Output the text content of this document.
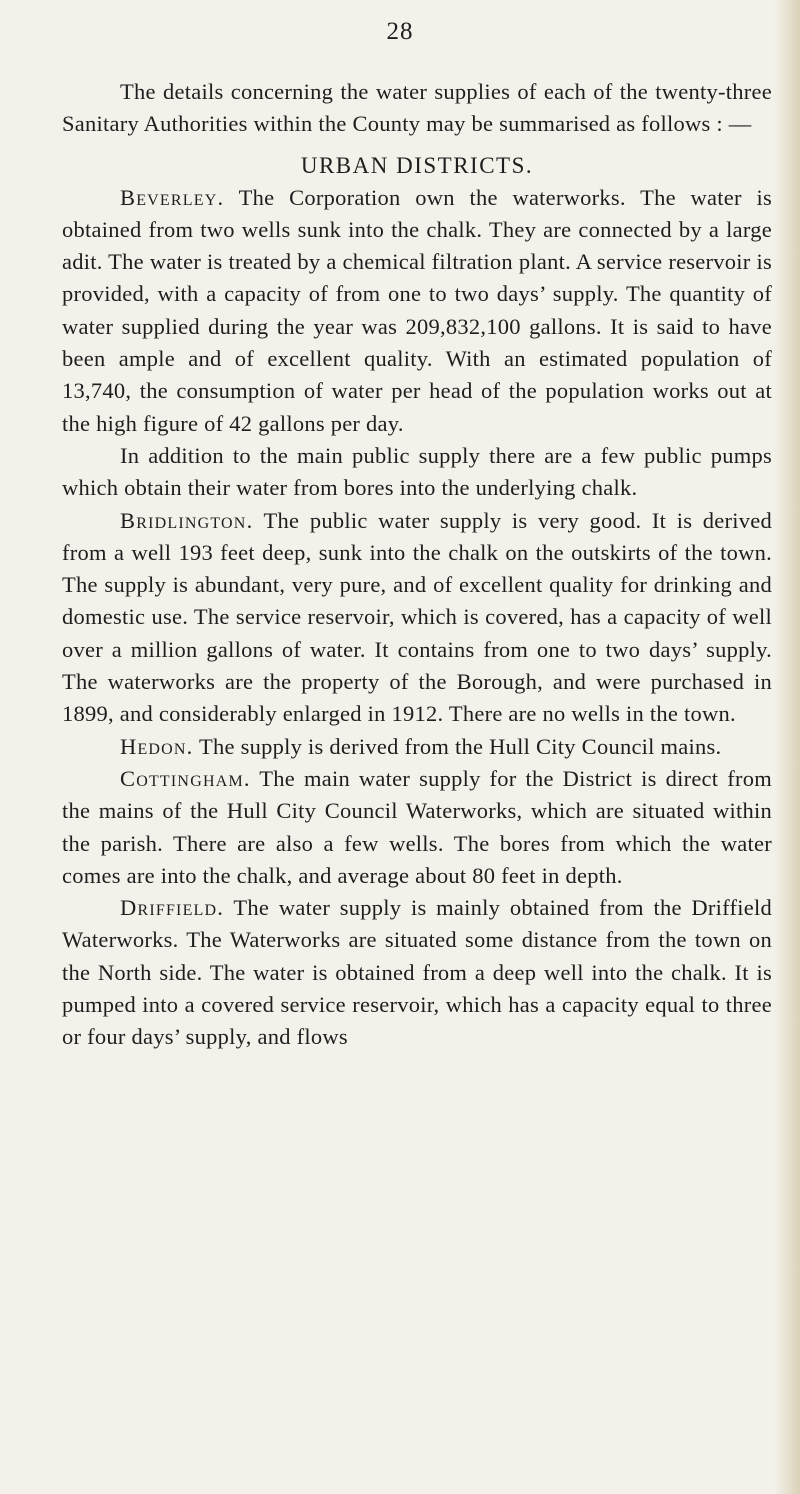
28

The details concerning the water supplies of each of the twenty-three Sanitary Authorities within the County may be summarised as follows : —

URBAN DISTRICTS.

Beverley. The Corporation own the waterworks. The water is obtained from two wells sunk into the chalk. They are connected by a large adit. The water is treated by a chemical filtration plant. A service reservoir is provided, with a capacity of from one to two days’ supply. The quantity of water supplied during the year was 209,832,100 gallons. It is said to have been ample and of excellent quality. With an estimated population of 13,740, the consumption of water per head of the population works out at the high figure of 42 gallons per day.

In addition to the main public supply there are a few public pumps which obtain their water from bores into the underlying chalk.

Bridlington. The public water supply is very good. It is derived from a well 193 feet deep, sunk into the chalk on the outskirts of the town. The supply is abundant, very pure, and of excellent quality for drinking and domestic use. The service reservoir, which is covered, has a capacity of well over a million gallons of water. It contains from one to two days’ supply. The waterworks are the property of the Borough, and were purchased in 1899, and considerably enlarged in 1912. There are no wells in the town.

Hedon. The supply is derived from the Hull City Council mains.

Cottingham. The main water supply for the District is direct from the mains of the Hull City Council Waterworks, which are situated within the parish. There are also a few wells. The bores from which the water comes are into the chalk, and average about 80 feet in depth.

Driffield. The water supply is mainly obtained from the Driffield Waterworks. The Waterworks are situated some distance from the town on the North side. The water is obtained from a deep well into the chalk. It is pumped into a covered service reservoir, which has a capacity equal to three or four days’ supply, and flows
